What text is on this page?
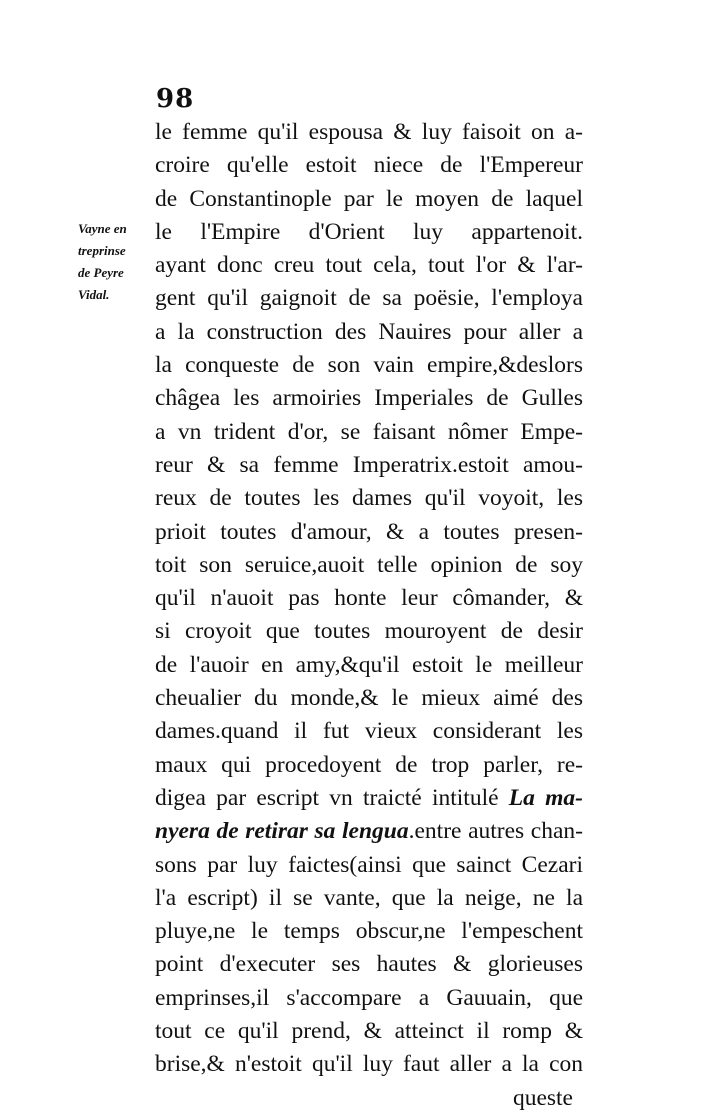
98
Vayne en
treprinse
de Peyre
Vidal.
le femme qu'il espousa & luy faisoit on a-
croire qu'elle estoit niece de l'Empereur
de Constantinople par le moyen de laquel
le l'Empire d'Orient luy appartenoit.
ayant donc creu tout cela, tout l'or & l'ar-
gent qu'il gaignoit de sa poësie, l'employa
a la construction des Nauires pour aller a
la conqueste de son vain empire,&deslors
châgea les armoiries Imperiales de Gulles
a vn trident d'or, se faisant nômer Empe-
reur & sa femme Imperatrix.estoit amou-
reux de toutes les dames qu'il voyoit, les
prioit toutes d'amour, & a toutes presen-
toit son seruice,auoit telle opinion de soy
qu'il n'auoit pas honte leur cômander, &
si croyoit que toutes mouroyent de desir
de l'auoir en amy,&qu'il estoit le meilleur
cheualier du monde,& le mieux aimé des
dames.quand il fut vieux considerant les
maux qui procedoyent de trop parler, re-
digea par escript vn traicté intitulé La ma-
nyera de retirar sa lengua.entre autres chan-
sons par luy faictes(ainsi que sainct Cezari
l'a escript) il se vante, que la neige, ne la
pluye,ne le temps obscur,ne l'empeschent
point d'executer ses hautes & glorieuses
emprinses,il s'accompare a Gauuain, que
tout ce qu'il prend, & atteinct il romp &
brise,& n'estoit qu'il luy faut aller a la con
queste
